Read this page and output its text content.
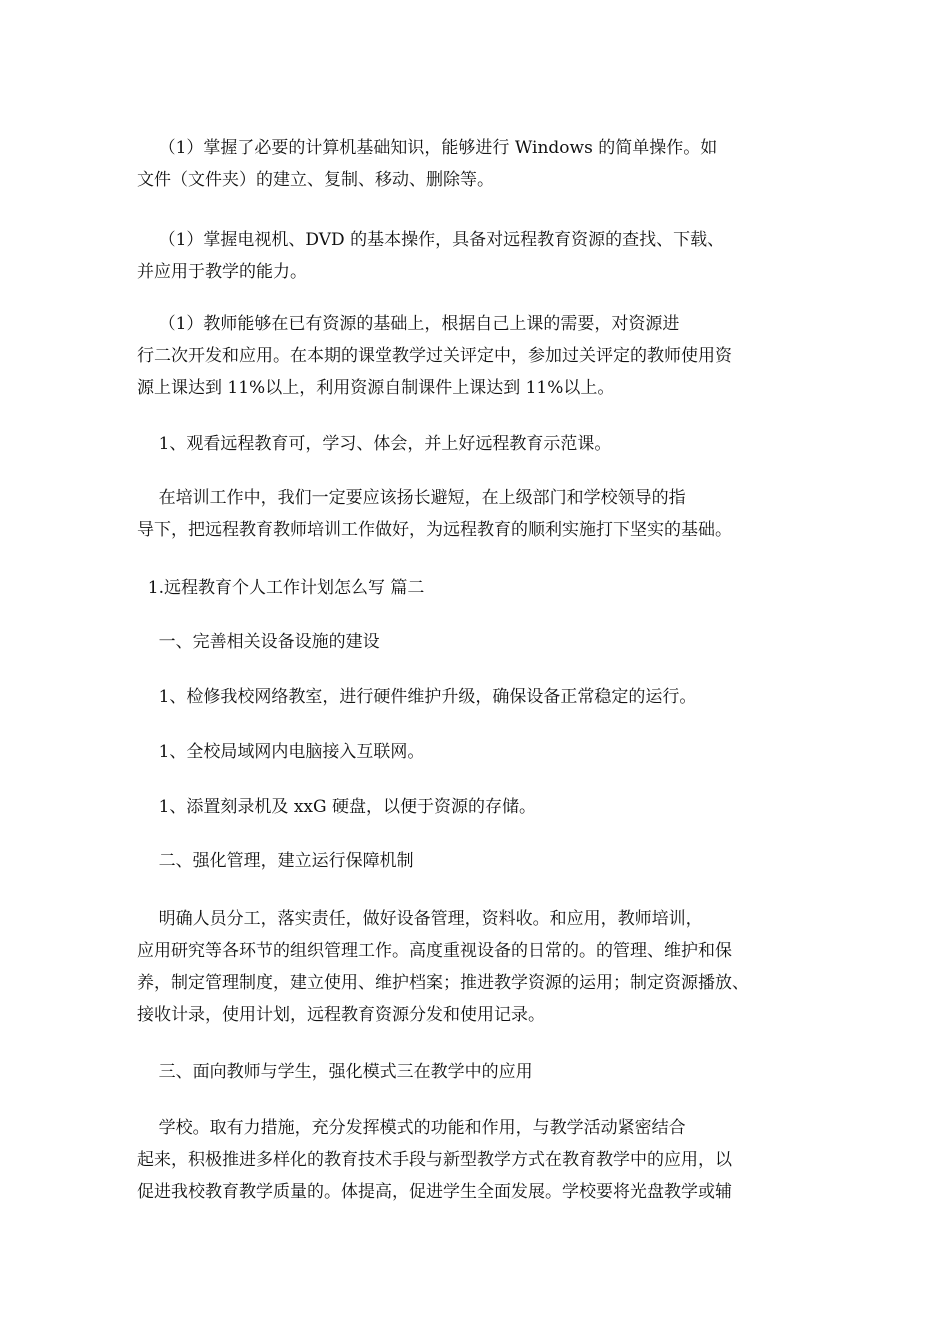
（1）掌握了必要的计算机基础知识，能够进行 Windows 的简单操作。如
文件（文件夹）的建立、复制、移动、删除等。

（1）掌握电视机、DVD 的基本操作，具备对远程教育资源的查找、下载、
并应用于教学的能力。

（1）教师能够在已有资源的基础上，根据自己上课的需要，对资源进
行二次开发和应用。在本期的课堂教学过关评定中，参加过关评定的教师使用资
源上课达到 11%以上，利用资源自制课件上课达到 11%以上。

1、观看远程教育可，学习、体会，并上好远程教育示范课。

在培训工作中，我们一定要应该扬长避短，在上级部门和学校领导的指
导下，把远程教育教师培训工作做好，为远程教育的顺利实施打下坚实的基础。

1.远程教育个人工作计划怎么写 篇二

一、完善相关设备设施的建设

1、检修我校网络教室，进行硬件维护升级，确保设备正常稳定的运行。

1、全校局域网内电脑接入互联网。

1、添置刻录机及 xxG 硬盘，以便于资源的存储。

二、强化管理，建立运行保障机制

明确人员分工，落实责任，做好设备管理，资料收。和应用，教师培训，
应用研究等各环节的组织管理工作。高度重视设备的日常的。的管理、维护和保
养，制定管理制度，建立使用、维护档案；推进教学资源的运用；制定资源播放、
接收计录，使用计划，远程教育资源分发和使用记录。

三、面向教师与学生，强化模式三在教学中的应用

学校。取有力措施，充分发挥模式的功能和作用，与教学活动紧密结合
起来，积极推进多样化的教育技术手段与新型教学方式在教育教学中的应用，以
促进我校教育教学质量的。体提高，促进学生全面发展。学校要将光盘教学或辅
